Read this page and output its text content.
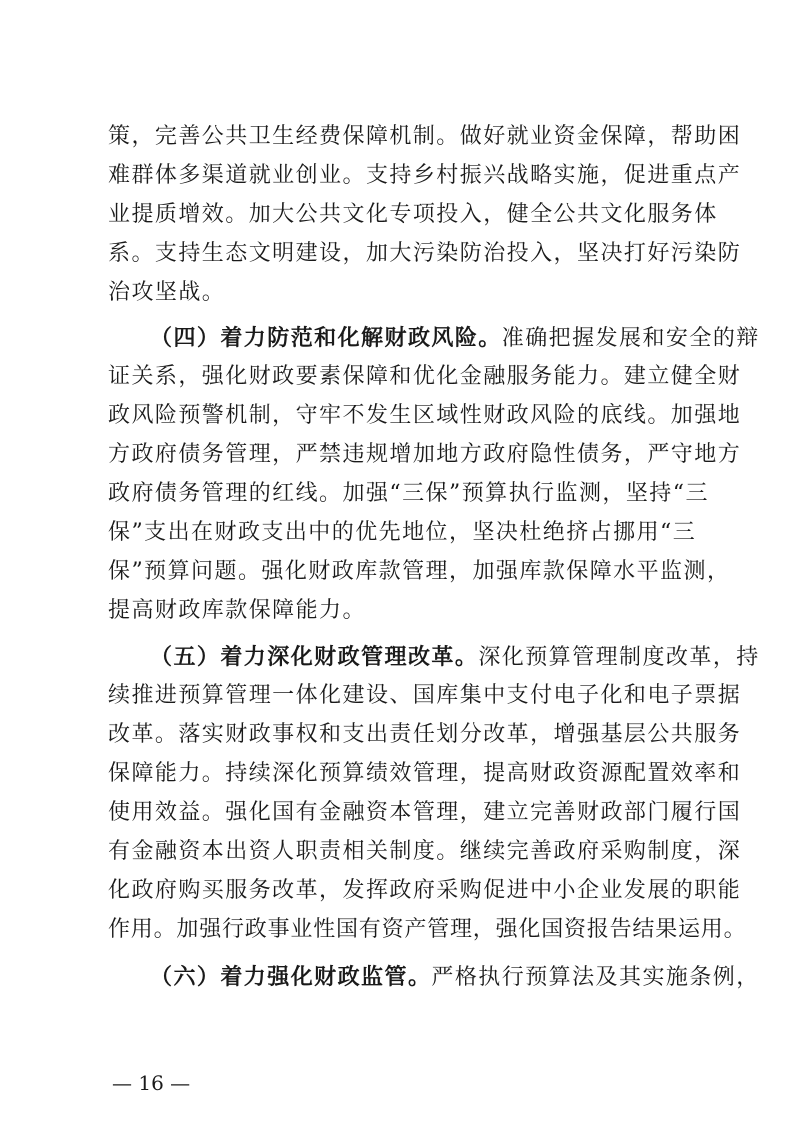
策，完善公共卫生经费保障机制。做好就业资金保障，帮助困
难群体多渠道就业创业。支持乡村振兴战略实施，促进重点产
业提质增效。加大公共文化专项投入，健全公共文化服务体
系。支持生态文明建设，加大污染防治投入，坚决打好污染防
治攻坚战。
（四）着力防范和化解财政风险。准确把握发展和安全的辩
证关系，强化财政要素保障和优化金融服务能力。建立健全财
政风险预警机制，守牢不发生区域性财政风险的底线。加强地
方政府债务管理，严禁违规增加地方政府隐性债务，严守地方
政府债务管理的红线。加强“三保”预算执行监测，坚持“三
保”支出在财政支出中的优先地位，坚决杜绝挤占挪用“三
保”预算问题。强化财政库款管理，加强库款保障水平监测，
提高财政库款保障能力。
（五）着力深化财政管理改革。深化预算管理制度改革，持
续推进预算管理一体化建设、国库集中支付电子化和电子票据
改革。落实财政事权和支出责任划分改革，增强基层公共服务
保障能力。持续深化预算绩效管理，提高财政资源配置效率和
使用效益。强化国有金融资本管理，建立完善财政部门履行国
有金融资本出资人职责相关制度。继续完善政府采购制度，深
化政府购买服务改革，发挥政府采购促进中小企业发展的职能
作用。加强行政事业性国有资产管理，强化国资报告结果运用。
（六）着力强化财政监管。严格执行预算法及其实施条例，
— 16 —
